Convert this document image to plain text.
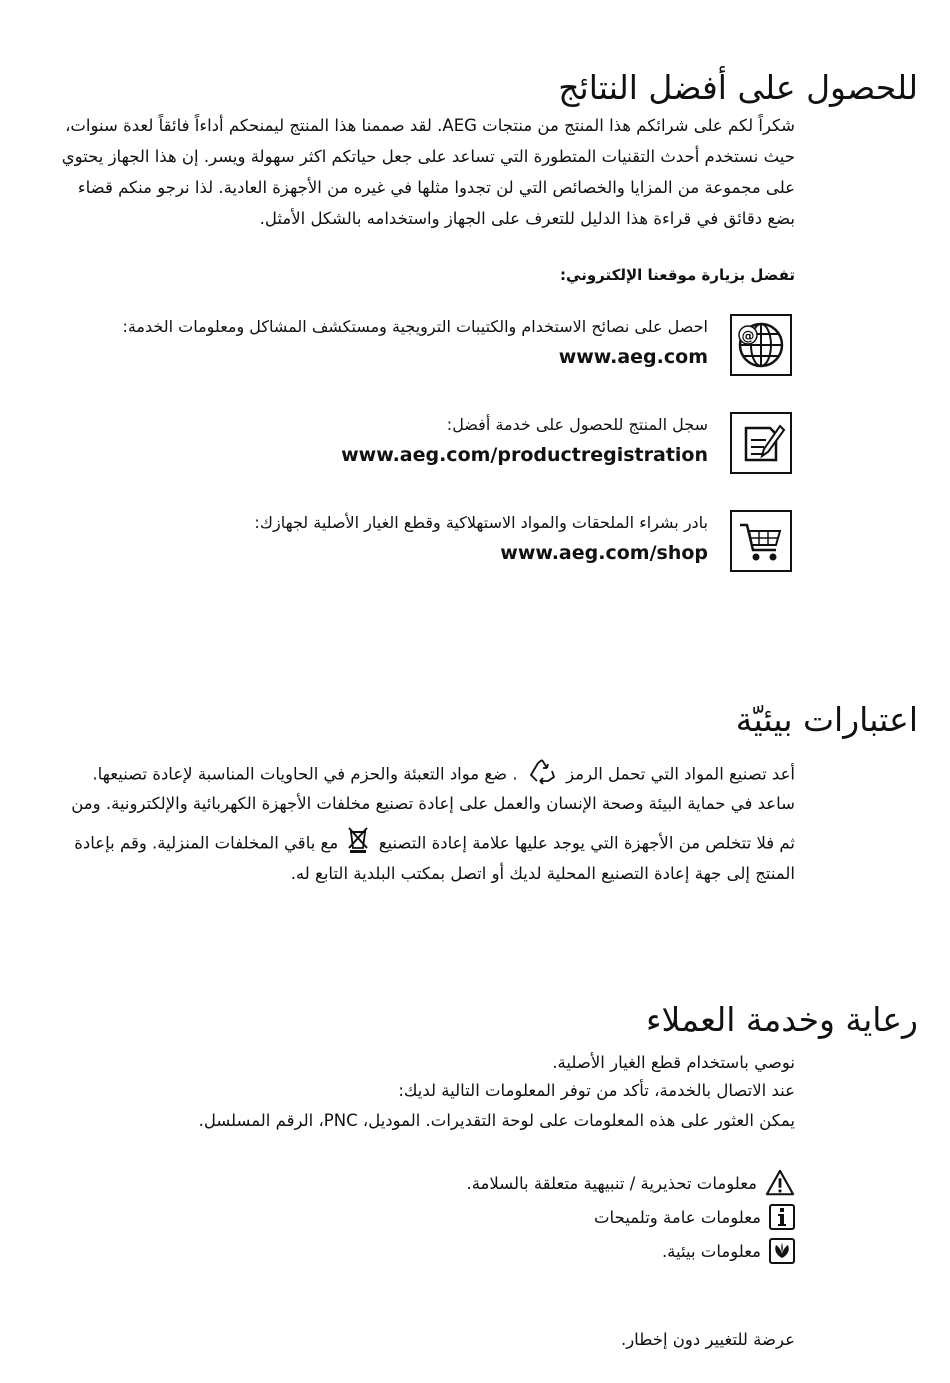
للحصول على أفضل النتائج

شكراً لكم على شرائكم هذا المنتج من منتجات AEG. لقد صممنا هذا المنتج ليمنحكم أداءاً فائقاً لعدة سنوات،
حيث نستخدم أحدث التقنيات المتطورة التي تساعد على جعل حياتكم اكثر سهولة ويسر. إن هذا الجهاز يحتوي
على مجموعة من المزايا والخصائص التي لن تجدوا مثلها في غيره من الأجهزة العادية. لذا نرجو منكم قضاء
بضع دقائق في قراءة هذا الدليل للتعرف على الجهاز واستخدامه بالشكل الأمثل.

تفضل بزيارة موقعنا الإلكتروني:

@

احصل على نصائح الاستخدام والكتيبات الترويجية ومستكشف المشاكل ومعلومات الخدمة:

www.aeg.com

سجل المنتج للحصول على خدمة أفضل:

www.aeg.com/productregistration

بادر بشراء الملحقات والمواد الاستهلاكية وقطع الغيار الأصلية لجهازك:

www.aeg.com/shop

اعتبارات بيئيّة

أعد تصنيع المواد التي تحمل الرمز  . ضع مواد التعبئة والحزم في الحاويات المناسبة لإعادة تصنيعها.

ساعد في حماية البيئة وصحة الإنسان والعمل على إعادة تصنيع مخلفات الأجهزة الكهربائية والإلكترونية. ومن

ثم فلا تتخلص من الأجهزة التي يوجد عليها علامة إعادة التصنيع  مع باقي المخلفات المنزلية. وقم بإعادة

المنتج إلى جهة إعادة التصنيع المحلية لديك أو اتصل بمكتب البلدية التابع له.

رعاية وخدمة العملاء

نوصي باستخدام قطع الغيار الأصلية.

عند الاتصال بالخدمة، تأكد من توفر المعلومات التالية لديك:

يمكن العثور على هذه المعلومات على لوحة التقديرات. الموديل، PNC، الرقم المسلسل.

معلومات تحذيرية / تنبيهية متعلقة بالسلامة.
معلومات عامة وتلميحات
معلومات بيئية.

عرضة للتغيير دون إخطار.
